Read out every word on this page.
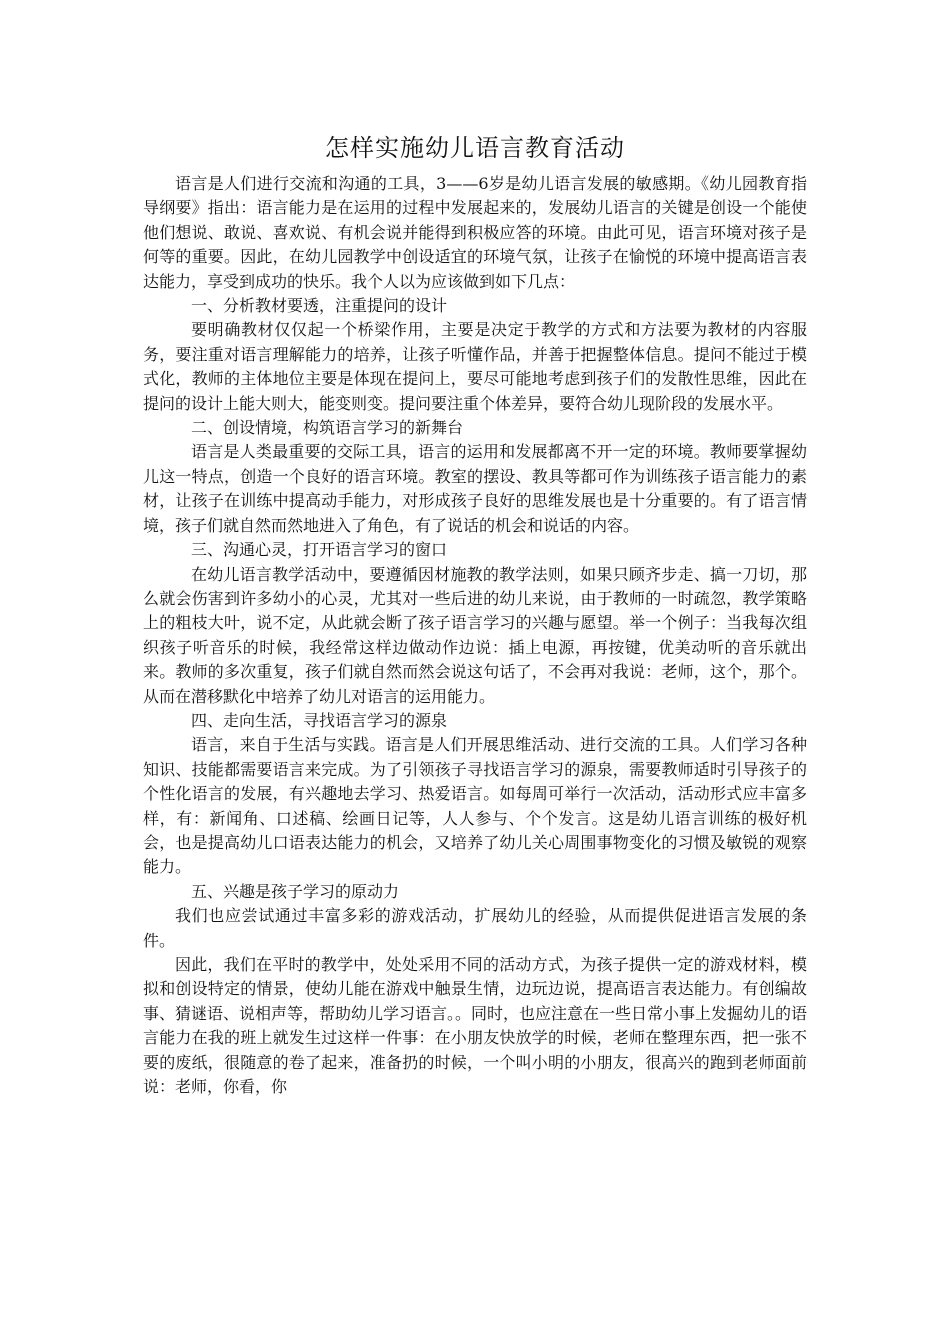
怎样实施幼儿语言教育活动

语言是人们进行交流和沟通的工具，3——6岁是幼儿语言发展的敏感期。《幼儿园教育指导纲要》指出：语言能力是在运用的过程中发展起来的，发展幼儿语言的关键是创设一个能使他们想说、敢说、喜欢说、有机会说并能得到积极应答的环境。由此可见，语言环境对孩子是何等的重要。因此，在幼儿园教学中创设适宜的环境气氛，让孩子在愉悦的环境中提高语言表达能力，享受到成功的快乐。我个人以为应该做到如下几点：

一、分析教材要透，注重提问的设计

要明确教材仅仅起一个桥梁作用，主要是决定于教学的方式和方法要为教材的内容服务，要注重对语言理解能力的培养，让孩子听懂作品，并善于把握整体信息。提问不能过于模式化，教师的主体地位主要是体现在提问上，要尽可能地考虑到孩子们的发散性思维，因此在提问的设计上能大则大，能变则变。提问要注重个体差异，要符合幼儿现阶段的发展水平。

二、创设情境，构筑语言学习的新舞台

语言是人类最重要的交际工具，语言的运用和发展都离不开一定的环境。教师要掌握幼儿这一特点，创造一个良好的语言环境。教室的摆设、教具等都可作为训练孩子语言能力的素材，让孩子在训练中提高动手能力，对形成孩子良好的思维发展也是十分重要的。有了语言情境，孩子们就自然而然地进入了角色，有了说话的机会和说话的内容。

三、沟通心灵，打开语言学习的窗口

在幼儿语言教学活动中，要遵循因材施教的教学法则，如果只顾齐步走、搞一刀切，那么就会伤害到许多幼小的心灵，尤其对一些后进的幼儿来说，由于教师的一时疏忽，教学策略上的粗枝大叶，说不定，从此就会断了孩子语言学习的兴趣与愿望。举一个例子：当我每次组织孩子听音乐的时候，我经常这样边做动作边说：插上电源，再按键，优美动听的音乐就出来。教师的多次重复，孩子们就自然而然会说这句话了，不会再对我说：老师，这个，那个。从而在潜移默化中培养了幼儿对语言的运用能力。

四、走向生活，寻找语言学习的源泉

语言，来自于生活与实践。语言是人们开展思维活动、进行交流的工具。人们学习各种知识、技能都需要语言来完成。为了引领孩子寻找语言学习的源泉，需要教师适时引导孩子的个性化语言的发展，有兴趣地去学习、热爱语言。如每周可举行一次活动，活动形式应丰富多样，有：新闻角、口述稿、绘画日记等，人人参与、个个发言。这是幼儿语言训练的极好机会，也是提高幼儿口语表达能力的机会，又培养了幼儿关心周围事物变化的习惯及敏锐的观察能力。

五、兴趣是孩子学习的原动力

我们也应尝试通过丰富多彩的游戏活动，扩展幼儿的经验，从而提供促进语言发展的条件。

因此，我们在平时的教学中，处处采用不同的活动方式，为孩子提供一定的游戏材料，模拟和创设特定的情景，使幼儿能在游戏中触景生情，边玩边说，提高语言表达能力。有创编故事、猜谜语、说相声等，帮助幼儿学习语言。。同时，也应注意在一些日常小事上发掘幼儿的语言能力在我的班上就发生过这样一件事：在小朋友快放学的时候，老师在整理东西，把一张不要的废纸，很随意的卷了起来，准备扔的时候，一个叫小明的小朋友，很高兴的跑到老师面前说：老师，你看，你
